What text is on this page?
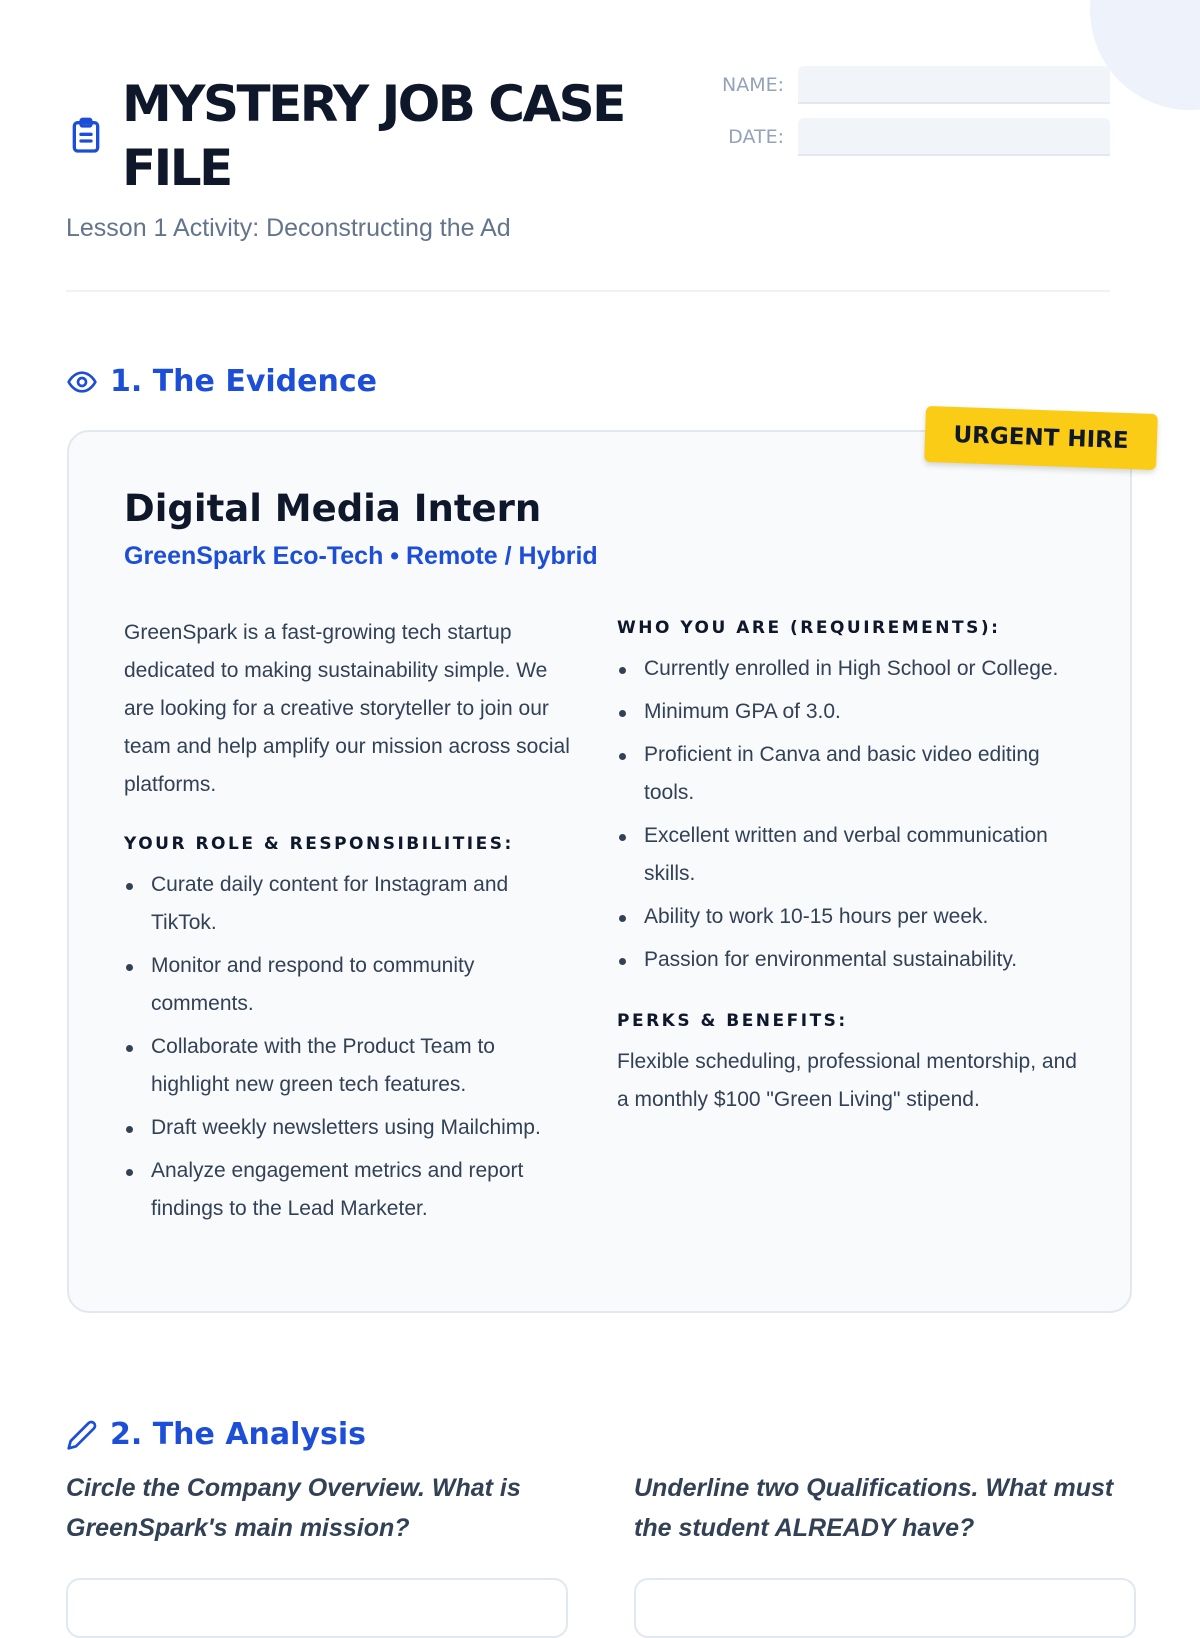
MYSTERY JOB CASE FILE
Lesson 1 Activity: Deconstructing the Ad
NAME:
DATE:
1. The Evidence
Digital Media Intern
GreenSpark Eco-Tech • Remote / Hybrid

GreenSpark is a fast-growing tech startup dedicated to making sustainability simple. We are looking for a creative storyteller to join our team and help amplify our mission across social platforms.

YOUR ROLE & RESPONSIBILITIES:

Curate daily content for Instagram and TikTok.
Monitor and respond to community comments.
Collaborate with the Product Team to highlight new green tech features.
Draft weekly newsletters using Mailchimp.
Analyze engagement metrics and report findings to the Lead Marketer.

WHO YOU ARE (REQUIREMENTS):

Currently enrolled in High School or College.
Minimum GPA of 3.0.
Proficient in Canva and basic video editing tools.
Excellent written and verbal communication skills.
Ability to work 10-15 hours per week.
Passion for environmental sustainability.

PERKS & BENEFITS:

Flexible scheduling, professional mentorship, and a monthly $100 "Green Living" stipend.

URGENT HIRE
2. The Analysis
Circle the Company Overview. What is GreenSpark's main mission?
Underline two Qualifications. What must the student ALREADY have?
